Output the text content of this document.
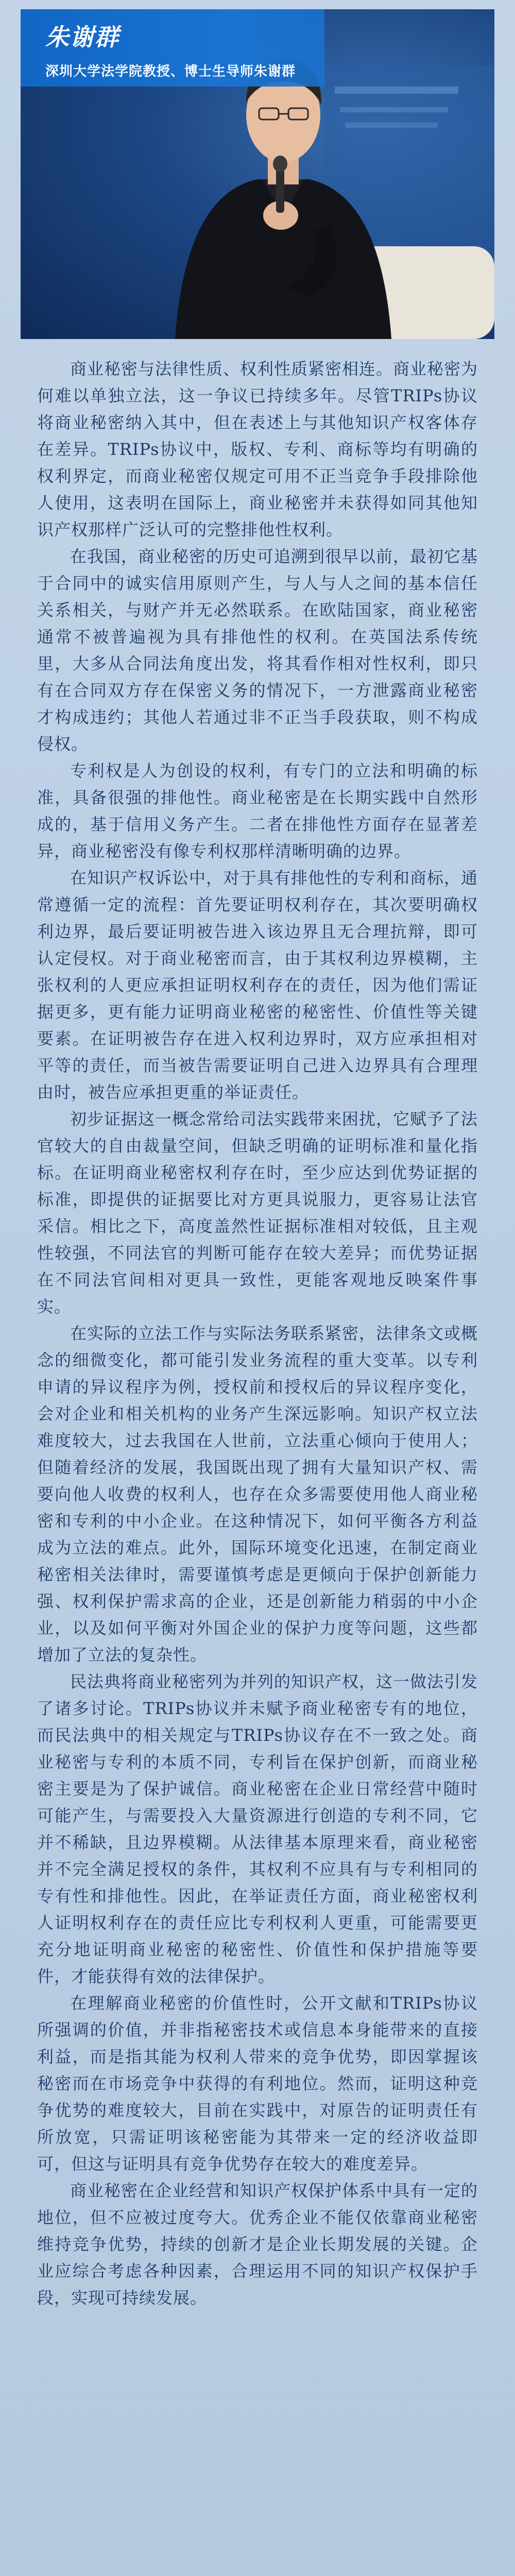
朱谢群
深圳大学法学院教授、博士生导师朱谢群

商业秘密与法律性质、权利性质紧密相连。商业秘密为何难以单独立法，这一争议已持续多年。尽管TRIPs协议将商业秘密纳入其中，但在表述上与其他知识产权客体存在差异。TRIPs协议中，版权、专利、商标等均有明确的权利界定，而商业秘密仅规定可用不正当竞争手段排除他人使用，这表明在国际上，商业秘密并未获得如同其他知识产权那样广泛认可的完整排他性权利。

在我国，商业秘密的历史可追溯到很早以前，最初它基于合同中的诚实信用原则产生，与人与人之间的基本信任关系相关，与财产并无必然联系。在欧陆国家，商业秘密通常不被普遍视为具有排他性的权利。在英国法系传统里，大多从合同法角度出发，将其看作相对性权利，即只有在合同双方存在保密义务的情况下，一方泄露商业秘密才构成违约；其他人若通过非不正当手段获取，则不构成侵权。

专利权是人为创设的权利，有专门的立法和明确的标准，具备很强的排他性。商业秘密是在长期实践中自然形成的，基于信用义务产生。二者在排他性方面存在显著差异，商业秘密没有像专利权那样清晰明确的边界。

在知识产权诉讼中，对于具有排他性的专利和商标，通常遵循一定的流程：首先要证明权利存在，其次要明确权利边界，最后要证明被告进入该边界且无合理抗辩，即可认定侵权。对于商业秘密而言，由于其权利边界模糊，主张权利的人更应承担证明权利存在的责任，因为他们需证据更多，更有能力证明商业秘密的秘密性、价值性等关键要素。在证明被告存在进入权利边界时，双方应承担相对平等的责任，而当被告需要证明自己进入边界具有合理理由时，被告应承担更重的举证责任。

初步证据这一概念常给司法实践带来困扰，它赋予了法官较大的自由裁量空间，但缺乏明确的证明标准和量化指标。在证明商业秘密权利存在时，至少应达到优势证据的标准，即提供的证据要比对方更具说服力，更容易让法官采信。相比之下，高度盖然性证据标准相对较低，且主观性较强，不同法官的判断可能存在较大差异；而优势证据在不同法官间相对更具一致性，更能客观地反映案件事实。

在实际的立法工作与实际法务联系紧密，法律条文或概念的细微变化，都可能引发业务流程的重大变革。以专利申请的异议程序为例，授权前和授权后的异议程序变化，会对企业和相关机构的业务产生深远影响。知识产权立法难度较大，过去我国在人世前，立法重心倾向于使用人；但随着经济的发展，我国既出现了拥有大量知识产权、需要向他人收费的权利人，也存在众多需要使用他人商业秘密和专利的中小企业。在这种情况下，如何平衡各方利益成为立法的难点。此外，国际环境变化迅速，在制定商业秘密相关法律时，需要谨慎考虑是更倾向于保护创新能力强、权利保护需求高的企业，还是创新能力稍弱的中小企业，以及如何平衡对外国企业的保护力度等问题，这些都增加了立法的复杂性。

民法典将商业秘密列为并列的知识产权，这一做法引发了诸多讨论。TRIPs协议并未赋予商业秘密专有的地位，而民法典中的相关规定与TRIPs协议存在不一致之处。商业秘密与专利的本质不同，专利旨在保护创新，而商业秘密主要是为了保护诚信。商业秘密在企业日常经营中随时可能产生，与需要投入大量资源进行创造的专利不同，它并不稀缺，且边界模糊。从法律基本原理来看，商业秘密并不完全满足授权的条件，其权利不应具有与专利相同的专有性和排他性。因此，在举证责任方面，商业秘密权利人证明权利存在的责任应比专利权利人更重，可能需要更充分地证明商业秘密的秘密性、价值性和保护措施等要件，才能获得有效的法律保护。

在理解商业秘密的价值性时，公开文献和TRIPs协议所强调的价值，并非指秘密技术或信息本身能带来的直接利益，而是指其能为权利人带来的竞争优势，即因掌握该秘密而在市场竞争中获得的有利地位。然而，证明这种竞争优势的难度较大，目前在实践中，对原告的证明责任有所放宽，只需证明该秘密能为其带来一定的经济收益即可，但这与证明具有竞争优势存在较大的难度差异。

商业秘密在企业经营和知识产权保护体系中具有一定的地位，但不应被过度夸大。优秀企业不能仅依靠商业秘密维持竞争优势，持续的创新才是企业长期发展的关键。企业应综合考虑各种因素，合理运用不同的知识产权保护手段，实现可持续发展。
